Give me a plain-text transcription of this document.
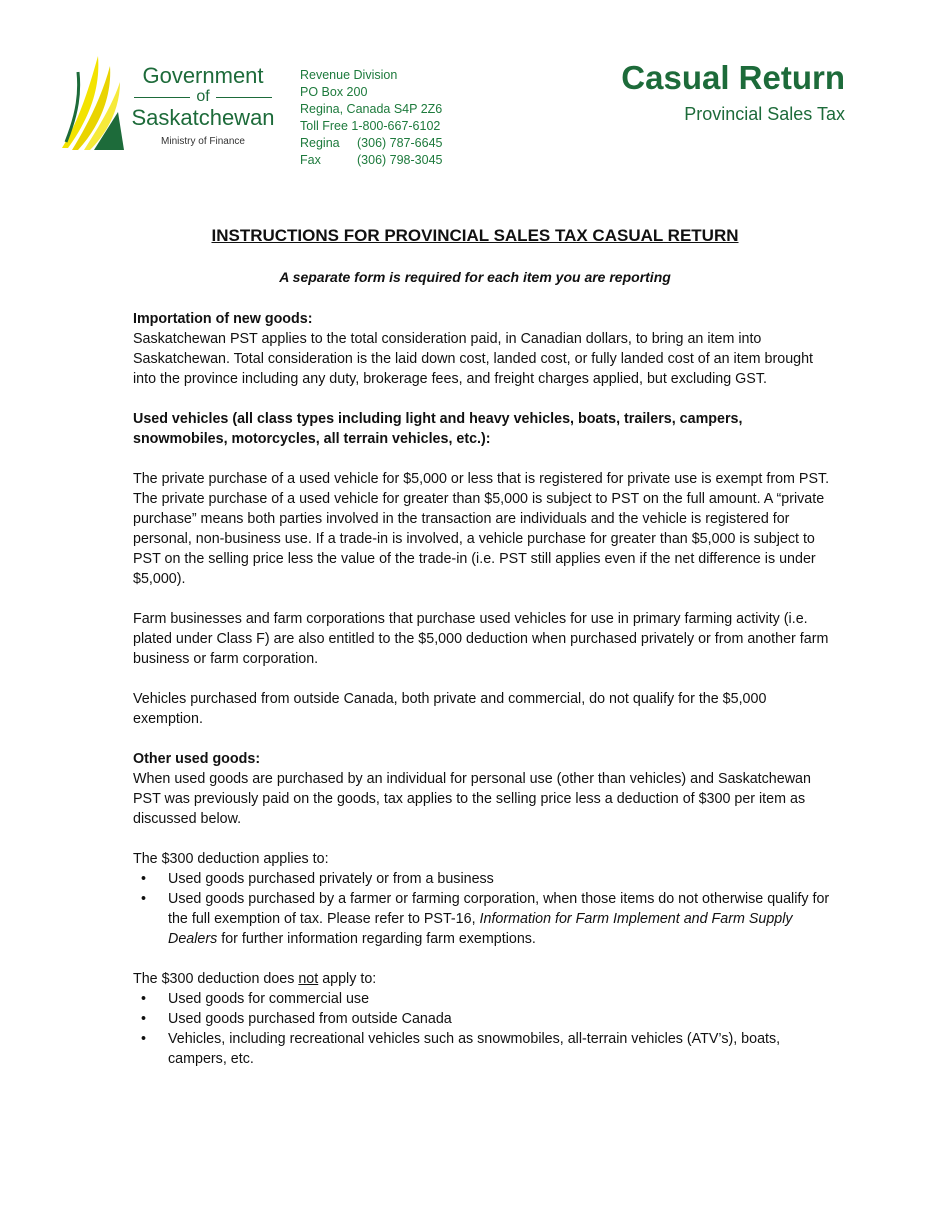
Government
of
Saskatchewan
Ministry of Finance
Revenue Division
PO Box 200
Regina, Canada S4P 2Z6
Toll Free 1-800-667-6102
Regina (306) 787-6645
Fax	(306) 798-3045
Casual Return
Provincial Sales Tax
INSTRUCTIONS FOR PROVINCIAL SALES TAX CASUAL RETURN
A separate form is required for each item you are reporting
Importation of new goods:

Saskatchewan PST applies to the total consideration paid, in Canadian dollars, to bring an item into Saskatchewan. Total consideration is the laid down cost, landed cost, or fully landed cost of an item brought into the province including any duty, brokerage fees, and freight charges applied, but excluding GST.

Used vehicles (all class types including light and heavy vehicles, boats, trailers, campers, snowmobiles, motorcycles, all terrain vehicles, etc.):

The private purchase of a used vehicle for $5,000 or less that is registered for private use is exempt from PST. The private purchase of a used vehicle for greater than $5,000 is subject to PST on the full amount. A “private purchase” means both parties involved in the transaction are individuals and the vehicle is registered for personal, non-business use. If a trade-in is involved, a vehicle purchase for greater than $5,000 is subject to PST on the selling price less the value of the trade-in (i.e. PST still applies even if the net difference is under $5,000).

Farm businesses and farm corporations that purchase used vehicles for use in primary farming activity (i.e. plated under Class F) are also entitled to the $5,000 deduction when purchased privately or from another farm business or farm corporation.

Vehicles purchased from outside Canada, both private and commercial, do not qualify for the $5,000 exemption.

Other used goods:

When used goods are purchased by an individual for personal use (other than vehicles) and Saskatchewan PST was previously paid on the goods, tax applies to the selling price less a deduction of $300 per item as discussed below.

The $300 deduction applies to:

• Used goods purchased privately or from a business
• Used goods purchased by a farmer or farming corporation, when those items do not otherwise qualify for the full exemption of tax. Please refer to PST-16, Information for Farm Implement and Farm Supply Dealers for further information regarding farm exemptions.

The $300 deduction does not apply to:

• Used goods for commercial use
• Used goods purchased from outside Canada
• Vehicles, including recreational vehicles such as snowmobiles, all-terrain vehicles (ATV’s), boats, campers, etc.
